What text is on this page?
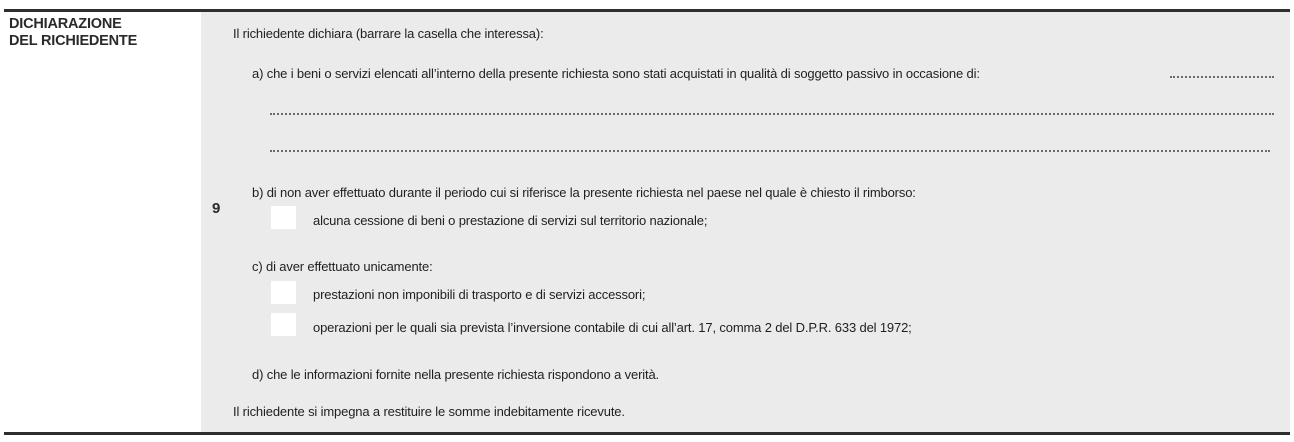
DICHIARAZIONE
DEL RICHIEDENTE
9
Il richiedente dichiara (barrare la casella che interessa):
a) che i beni o servizi elencati all’interno della presente richiesta sono stati acquistati in qualità di soggetto passivo in occasione di:
b) di non aver effettuato durante il periodo cui si riferisce la presente richiesta nel paese nel quale è chiesto il rimborso:
alcuna cessione di beni o prestazione di servizi sul territorio nazionale;
c) di aver effettuato unicamente:
prestazioni non imponibili di trasporto e di servizi accessori;
operazioni per le quali sia prevista l’inversione contabile di cui all’art. 17, comma 2 del D.P.R. 633 del 1972;
d) che le informazioni fornite nella presente richiesta rispondono a verità.
Il richiedente si impegna a restituire le somme indebitamente ricevute.
